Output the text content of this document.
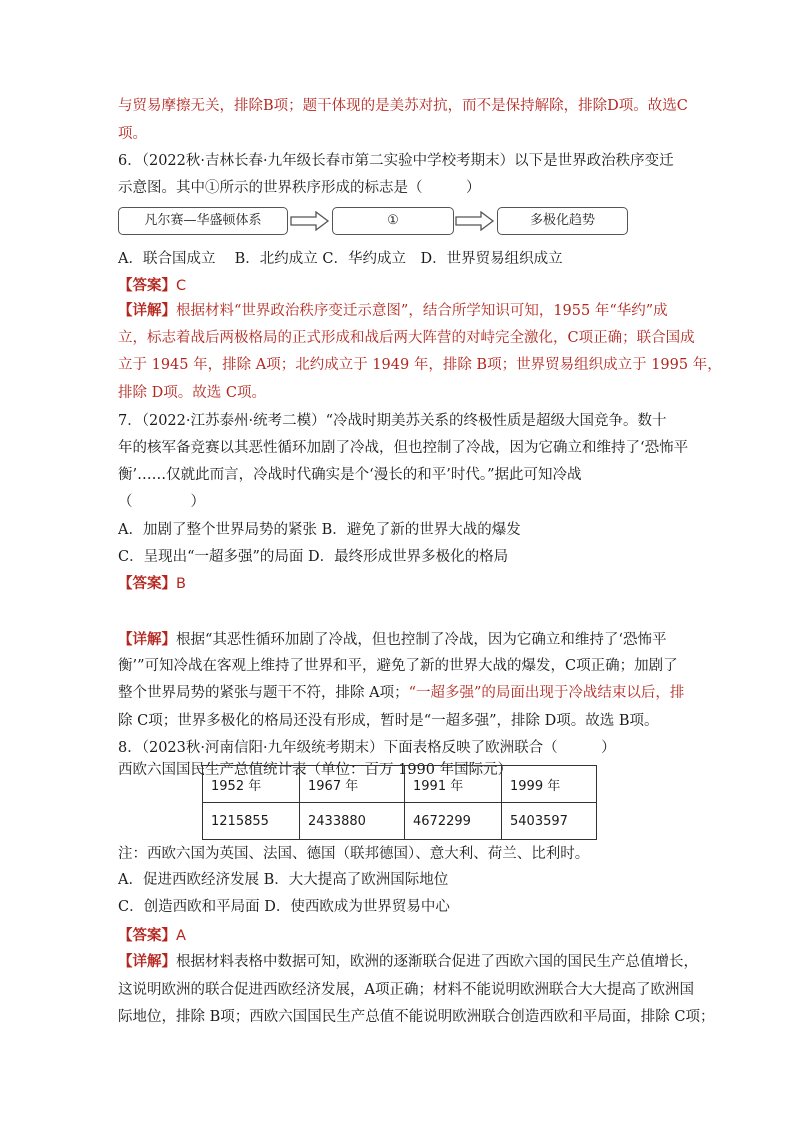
与贸易摩擦无关，排除B项；题干体现的是美苏对抗，而不是保持解除，排除D项。故选C
项。
6．（2022秋·吉林长春·九年级长春市第二实验中学校考期末）以下是世界政治秩序变迁
示意图。其中①所示的世界秩序形成的标志是（　　　）
凡尔赛—华盛顿体系	①	多极化趋势
A．联合国成立　 B．北约成立 C．华约成立　D．世界贸易组织成立
【答案】C
【详解】根据材料“世界政治秩序变迁示意图”，结合所学知识可知，1955 年“华约”成
立，标志着战后两极格局的正式形成和战后两大阵营的对峙完全激化，C项正确；联合国成
立于 1945 年，排除 A项；北约成立于 1949 年，排除 B项；世界贸易组织成立于 1995 年，
排除 D项。故选 C项。
7．（2022·江苏泰州·统考二模）“冷战时期美苏关系的终极性质是超级大国竞争。数十
年的核军备竞赛以其恶性循环加剧了冷战，但也控制了冷战，因为它确立和维持了‘恐怖平
衡’……仅就此而言，冷战时代确实是个‘漫长的和平’时代。”据此可知冷战
（　　　　）
A．加剧了整个世界局势的紧张 B．避免了新的世界大战的爆发
C．呈现出“一超多强”的局面 D．最终形成世界多极化的格局
【答案】B
【详解】根据“其恶性循环加剧了冷战，但也控制了冷战，因为它确立和维持了‘恐怖平
衡’”可知冷战在客观上维持了世界和平，避免了新的世界大战的爆发，C项正确；加剧了
整个世界局势的紧张与题干不符，排除 A项；“一超多强”的局面出现于冷战结束以后，排
除 C项；世界多极化的格局还没有形成，暂时是“一超多强”，排除 D项。故选 B项。
8．（2023秋·河南信阳·九年级统考期末）下面表格反映了欧洲联合（　　　）
西欧六国国民生产总值统计表（单位：百万 1990 年国际元）
1952 年	1967 年	1991 年	1999 年
1215855	2433880	4672299	5403597
注：西欧六国为英国、法国、德国（联邦德国）、意大利、荷兰、比利时。
A．促进西欧经济发展 B．大大提高了欧洲国际地位
C．创造西欧和平局面 D．使西欧成为世界贸易中心
【答案】A
【详解】根据材料表格中数据可知，欧洲的逐渐联合促进了西欧六国的国民生产总值增长，
这说明欧洲的联合促进西欧经济发展，A项正确；材料不能说明欧洲联合大大提高了欧洲国
际地位，排除 B项；西欧六国国民生产总值不能说明欧洲联合创造西欧和平局面，排除 C项；
